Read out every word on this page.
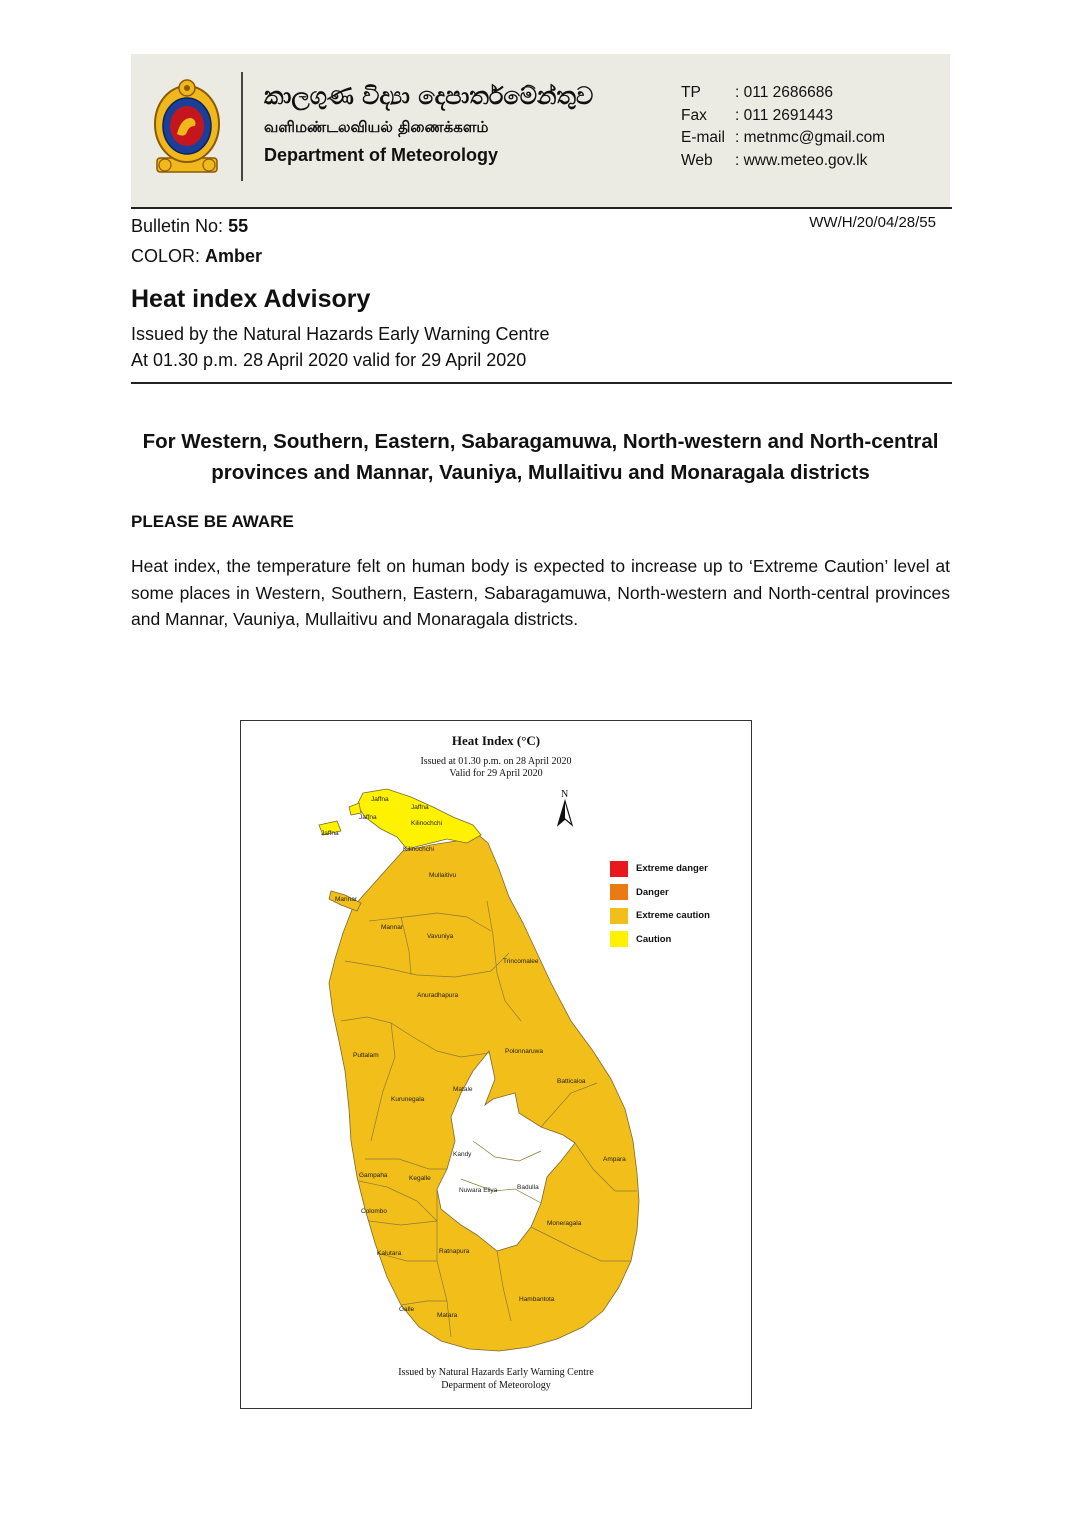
කාලගුණ විද්‍යා දෙපාර්තමේන්තුව
வளிமண்டலவியல் திணைக்களம்
Department of Meteorology
TP : 011 2686686
Fax : 011 2691443
E-mail : metnmc@gmail.com
Web : www.meteo.gov.lk
Bulletin No: 55
COLOR: Amber
WW/H/20/04/28/55
Heat index Advisory
Issued by the Natural Hazards Early Warning Centre
At 01.30 p.m. 28 April 2020 valid for 29 April 2020
For Western, Southern, Eastern, Sabaragamuwa, North-western and North-central provinces and Mannar, Vauniya, Mullaitivu and Monaragala districts
PLEASE BE AWARE
Heat index, the temperature felt on human body is expected to increase up to ‘Extreme Caution’ level at some places in Western, Southern, Eastern, Sabaragamuwa, North-western and North-central provinces and Mannar, Vauniya, Mullaitivu and Monaragala districts.
Heat Index (°C)
Issued at 01.30 p.m. on 28 April 2020
Valid for 29 April 2020
N
Jaffna
Jaffna
Jaffna
Jaffna
Kilinochchi
Kilinochchi
Mullaitivu
Mannar
Mannar
Vavuniya
Trincomalee
Anuradhapura
Polonnaruwa
Puttalam
Matale
Batticaloa
Kurunegala
Kandy
Ampara
Gampaha	Kegalle
Nuwara Eliya	Badulla
Colombo
Moneragala
Kalutara	Ratnapura
Hambantota
Galle
Matara
Extreme danger
Danger
Extreme caution
Caution
Issued by Natural Hazards Early Warning Centre
Deparment of Meteorology
